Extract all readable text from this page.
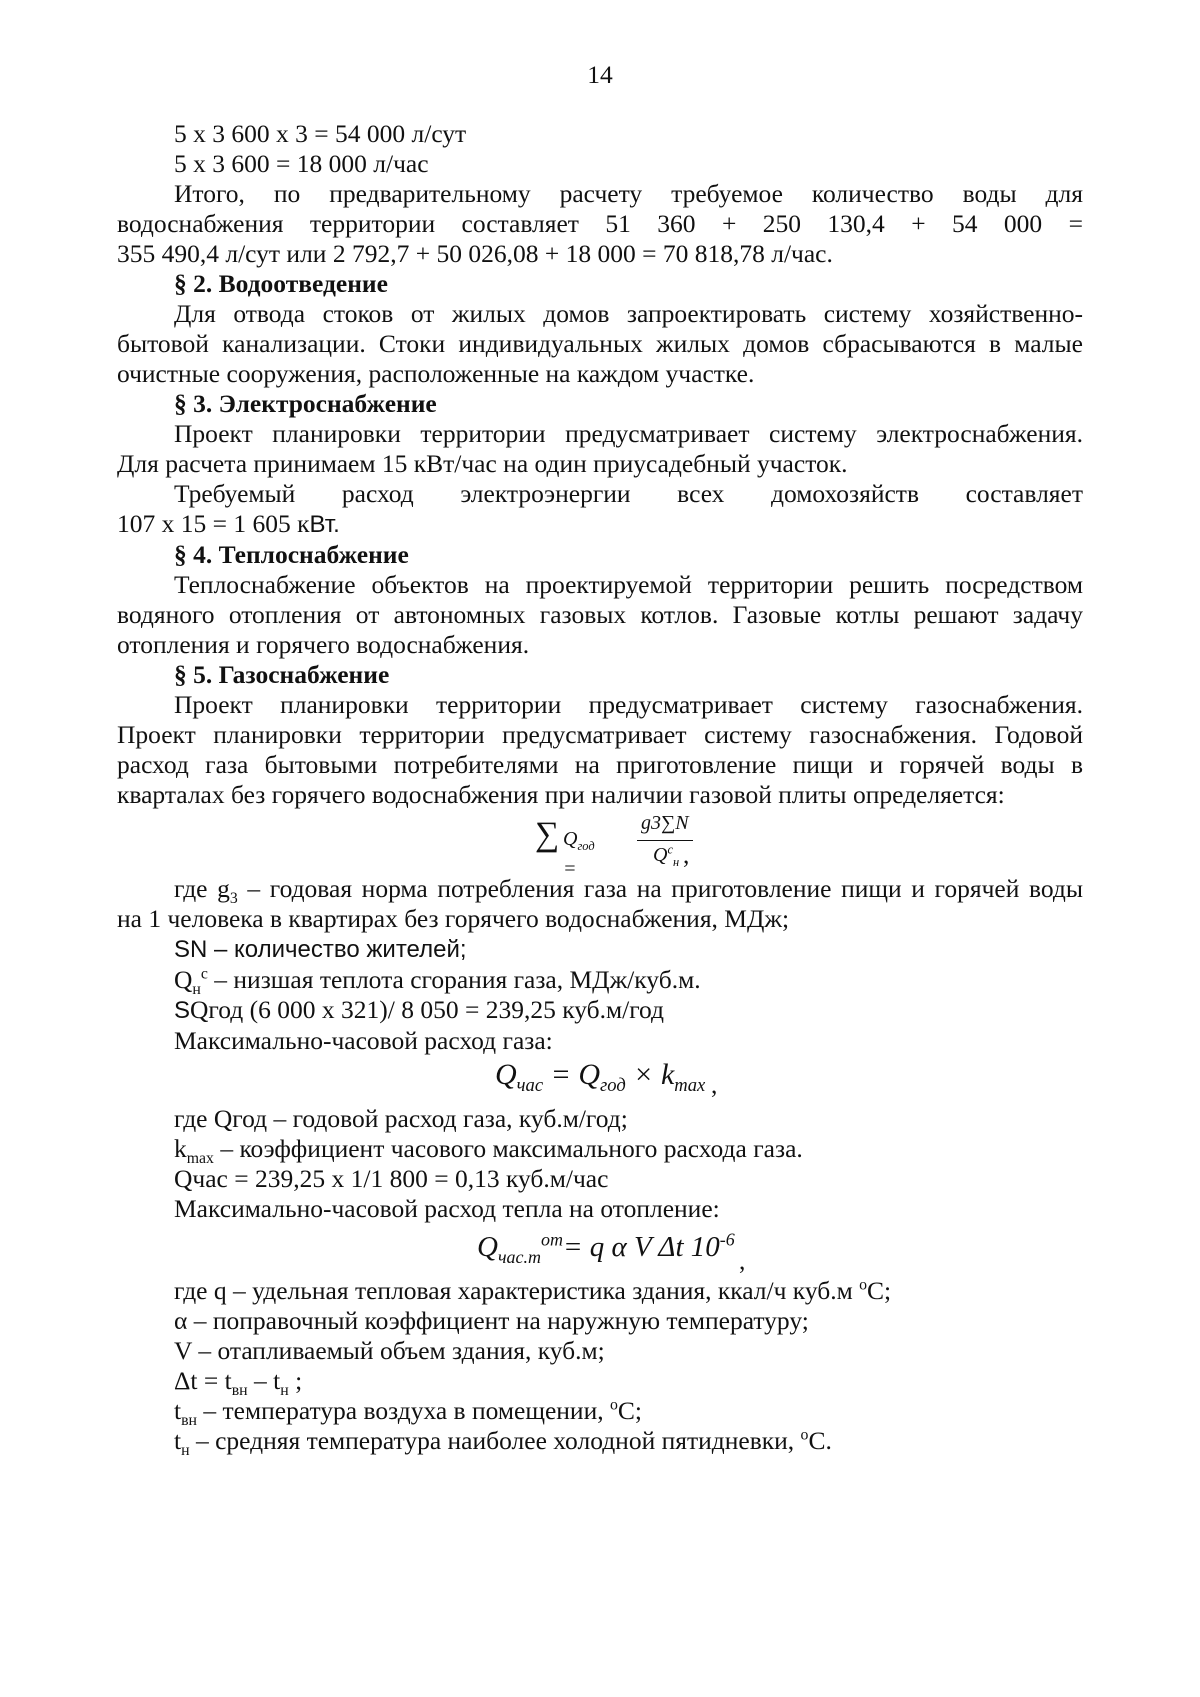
14
5 х 3 600 х 3 = 54 000 л/сут
5 х 3 600 = 18 000 л/час
Итого, по предварительному расчету требуемое количество воды для
водоснабжения территории составляет 51 360 + 250 130,4 + 54 000 =
355 490,4 л/сут или 2 792,7 + 50 026,08 + 18 000 = 70 818,78 л/час.
§ 2. Водоотведение
Для отвода стоков от жилых домов запроектировать систему хозяйственно-
бытовой канализации. Стоки индивидуальных жилых домов сбрасываются в малые
очистные сооружения, расположенные на каждом участке.
§ 3. Электроснабжение
Проект планировки территории предусматривает систему электроснабжения.
Для расчета принимаем 15 кВт/час на один приусадебный участок.
Требуемый расход электроэнергии всех домохозяйств составляет
107 х 15 = 1 605 кВт.
§ 4. Теплоснабжение
Теплоснабжение объектов на проектируемой территории решить посредством
водяного отопления от автономных газовых котлов. Газовые котлы решают задачу
отопления и горячего водоснабжения.
§ 5. Газоснабжение
Проект планировки территории предусматривает систему газоснабжения.
Проект планировки территории предусматривает систему газоснабжения. Годовой
расход газа бытовыми потребителями на приготовление пищи и горячей воды в
кварталах без горячего водоснабжения при наличии газовой плиты определяется:
∑ $Q_{год}$ =
g3∑N
$Q^с_н$ ,
где $g_3$ – годовая норма потребления газа на приготовление пищи и горячей воды
на 1 человека в квартирах без горячего водоснабжения, МДж;
SN – количество жителей;
$Q_н^с$ – низшая теплота сгорания газа, МДж/куб.м.
SQгод (6 000 х 321)/ 8 050 = 239,25 куб.м/год
Максимально-часовой расход газа:
$Q_{час} = Q_{год} \times k_{max}$ ,
где Qгод – годовой расход газа, куб.м/год;
$k_{max}$ – коэффициент часового максимального расхода газа.
Qчас = 239,25 х 1/1 800 = 0,13 куб.м/час
Максимально-часовой расход тепла на отопление:
$Q_{час.т}^{от}= q$ α V Δt $10^{-6}$
,
где q – удельная тепловая характеристика здания, ккал/ч куб.м $^о$С;
α – поправочный коэффициент на наружную температуру;
V – отапливаемый объем здания, куб.м;
$\Delta t = t_{вн} - t_н$ ;
$t_{вн}$ – температура воздуха в помещении, $^о$С;
$t_н$ – средняя температура наиболее холодной пятидневки, $^о$С.
